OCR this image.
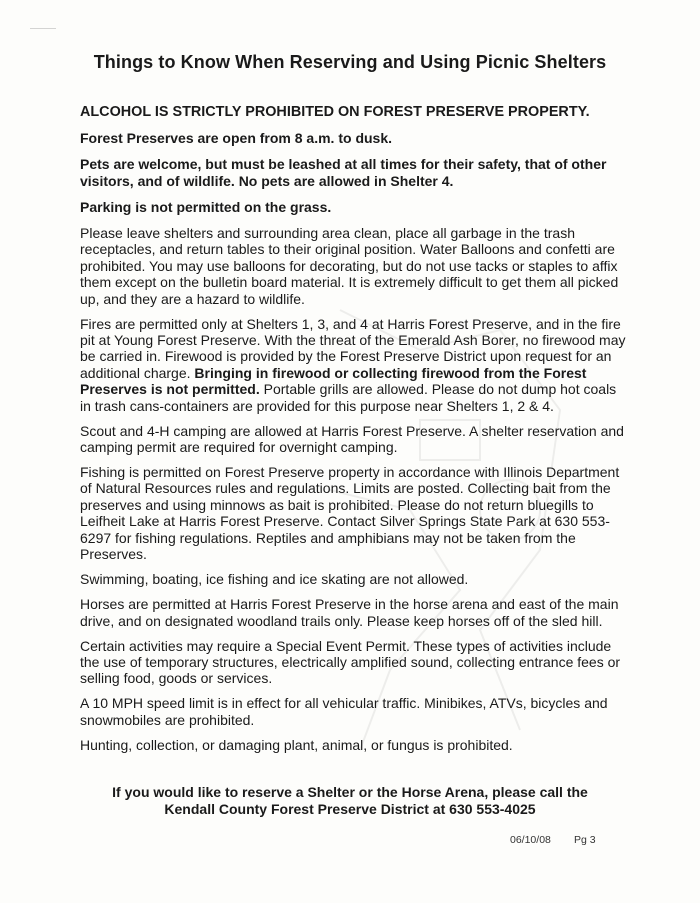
Things to Know When Reserving and Using Picnic Shelters

ALCOHOL IS STRICTLY PROHIBITED ON FOREST PRESERVE PROPERTY.

Forest Preserves are open from 8 a.m. to dusk.

Pets are welcome, but must be leashed at all times for their safety, that of other visitors, and of wildlife. No pets are allowed in Shelter 4.

Parking is not permitted on the grass.

Please leave shelters and surrounding area clean, place all garbage in the trash receptacles, and return tables to their original position. Water Balloons and confetti are prohibited. You may use balloons for decorating, but do not use tacks or staples to affix them except on the bulletin board material. It is extremely difficult to get them all picked up, and they are a hazard to wildlife.

Fires are permitted only at Shelters 1, 3, and 4 at Harris Forest Preserve, and in the fire pit at Young Forest Preserve. With the threat of the Emerald Ash Borer, no firewood may be carried in. Firewood is provided by the Forest Preserve District upon request for an additional charge. Bringing in firewood or collecting firewood from the Forest Preserves is not permitted. Portable grills are allowed. Please do not dump hot coals in trash cans-containers are provided for this purpose near Shelters 1, 2 & 4.

Scout and 4-H camping are allowed at Harris Forest Preserve. A shelter reservation and camping permit are required for overnight camping.

Fishing is permitted on Forest Preserve property in accordance with Illinois Department of Natural Resources rules and regulations. Limits are posted. Collecting bait from the preserves and using minnows as bait is prohibited. Please do not return bluegills to Leifheit Lake at Harris Forest Preserve. Contact Silver Springs State Park at 630 553-6297 for fishing regulations. Reptiles and amphibians may not be taken from the Preserves.

Swimming, boating, ice fishing and ice skating are not allowed.

Horses are permitted at Harris Forest Preserve in the horse arena and east of the main drive, and on designated woodland trails only. Please keep horses off of the sled hill.

Certain activities may require a Special Event Permit. These types of activities include the use of temporary structures, electrically amplified sound, collecting entrance fees or selling food, goods or services.

A 10 MPH speed limit is in effect for all vehicular traffic. Minibikes, ATVs, bicycles and snowmobiles are prohibited.

Hunting, collection, or damaging plant, animal, or fungus is prohibited.

If you would like to reserve a Shelter or the Horse Arena, please call the
Kendall County Forest Preserve District at 630 553-4025
06/10/08 Pg 3
